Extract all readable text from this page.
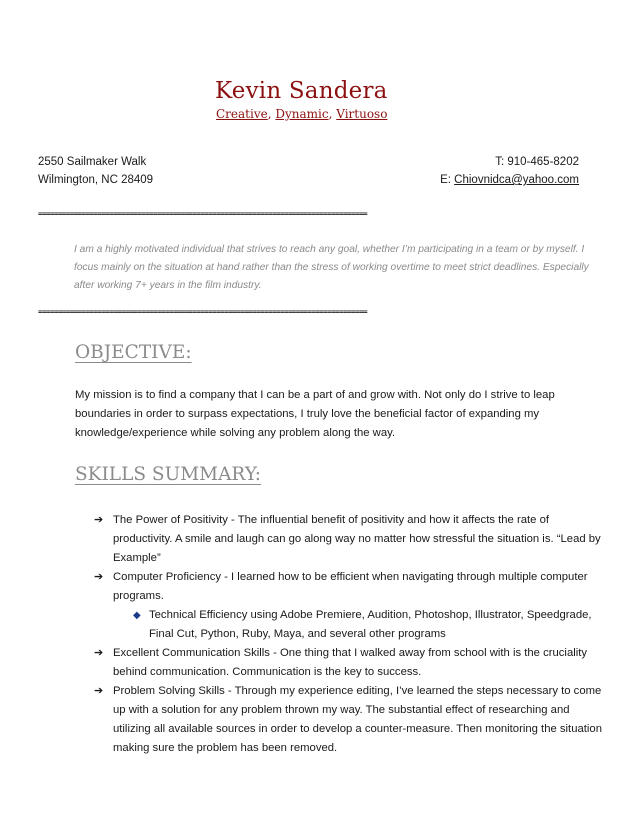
Kevin Sandera
Creative, Dynamic, Virtuoso
2550 Sailmaker Walk
Wilmington, NC 28409
T: 910-465-8202
E: Chiovnidca@yahoo.com
===================================================================================
I am a highly motivated individual that strives to reach any goal, whether I’m participating in a team or by myself. I focus mainly on the situation at hand rather than the stress of working overtime to meet strict deadlines. Especially after working 7+ years in the film industry.
===================================================================================
OBJECTIVE:
My mission is to find a company that I can be a part of and grow with. Not only do I strive to leap boundaries in order to surpass expectations, I truly love the beneficial factor of expanding my knowledge/experience while solving any problem along the way.
SKILLS SUMMARY:
➔ The Power of Positivity - The influential benefit of positivity and how it affects the rate of productivity. A smile and laugh can go along way no matter how stressful the situation is. “Lead by Example”
➔ Computer Proficiency - I learned how to be efficient when navigating through multiple computer programs.
◆ Technical Efficiency using Adobe Premiere, Audition, Photoshop, Illustrator, Speedgrade, Final Cut, Python, Ruby, Maya, and several other programs
➔ Excellent Communication Skills - One thing that I walked away from school with is the cruciality behind communication. Communication is the key to success.
➔ Problem Solving Skills - Through my experience editing, I’ve learned the steps necessary to come up with a solution for any problem thrown my way. The substantial effect of researching and utilizing all available sources in order to develop a counter-measure. Then monitoring the situation making sure the problem has been removed.
